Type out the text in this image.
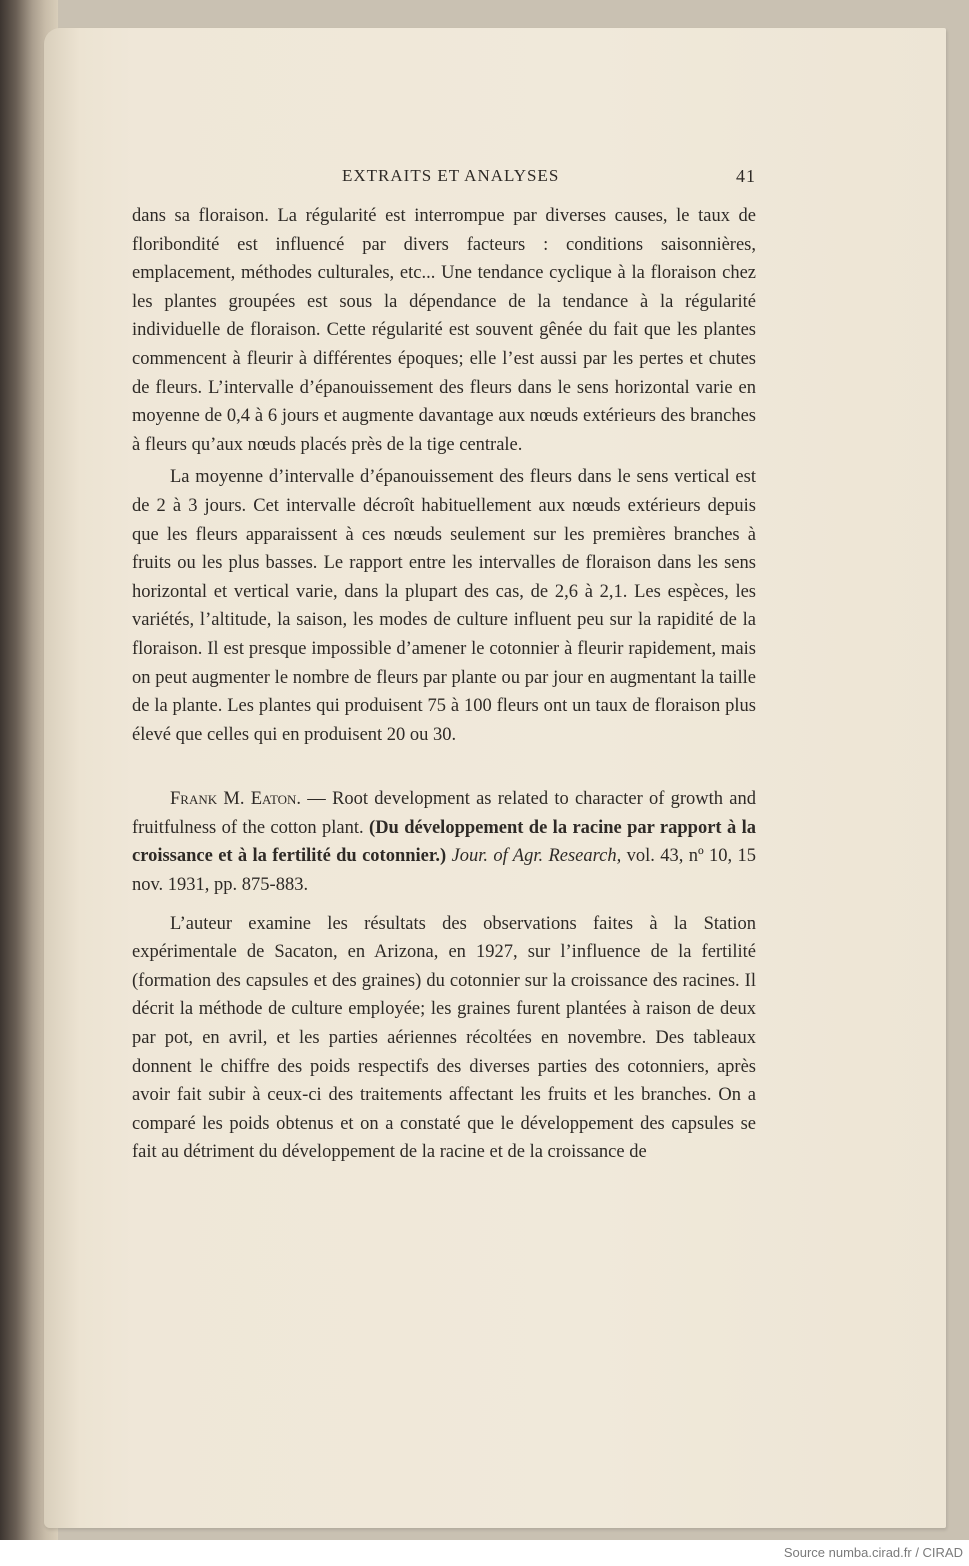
EXTRAITS ET ANALYSES	41

dans sa floraison. La régularité est interrompue par diverses causes, le taux de floribondité est influencé par divers facteurs : conditions saisonnières, emplacement, méthodes culturales, etc... Une tendance cyclique à la floraison chez les plantes groupées est sous la dépendance de la tendance à la régularité individuelle de floraison. Cette régularité est souvent gênée du fait que les plantes commencent à fleurir à différentes époques; elle l’est aussi par les pertes et chutes de fleurs. L’intervalle d’épanouissement des fleurs dans le sens horizontal varie en moyenne de 0,4 à 6 jours et augmente davantage aux nœuds extérieurs des branches à fleurs qu’aux nœuds placés près de la tige centrale.

La moyenne d’intervalle d’épanouissement des fleurs dans le sens vertical est de 2 à 3 jours. Cet intervalle décroît habituellement aux nœuds extérieurs depuis que les fleurs apparaissent à ces nœuds seulement sur les premières branches à fruits ou les plus basses. Le rapport entre les intervalles de floraison dans les sens horizontal et vertical varie, dans la plupart des cas, de 2,6 à 2,1. Les espèces, les variétés, l’altitude, la saison, les modes de culture influent peu sur la rapidité de la floraison. Il est presque impossible d’amener le cotonnier à fleurir rapidement, mais on peut augmenter le nombre de fleurs par plante ou par jour en augmentant la taille de la plante. Les plantes qui produisent 75 à 100 fleurs ont un taux de floraison plus élevé que celles qui en produisent 20 ou 30.

Frank M. Eaton. — Root development as related to character of growth and fruitfulness of the cotton plant. (Du développement de la racine par rapport à la croissance et à la fertilité du cotonnier.) Jour. of Agr. Research, vol. 43, nº 10, 15 nov. 1931, pp. 875-883.

L’auteur examine les résultats des observations faites à la Station expérimentale de Sacaton, en Arizona, en 1927, sur l’influence de la fertilité (formation des capsules et des graines) du cotonnier sur la croissance des racines. Il décrit la méthode de culture employée; les graines furent plantées à raison de deux par pot, en avril, et les parties aériennes récoltées en novembre. Des tableaux donnent le chiffre des poids respectifs des diverses parties des cotonniers, après avoir fait subir à ceux-ci des traitements affectant les fruits et les branches. On a comparé les poids obtenus et on a constaté que le développement des capsules se fait au détriment du développement de la racine et de la croissance de

Source numba.cirad.fr / CIRAD
